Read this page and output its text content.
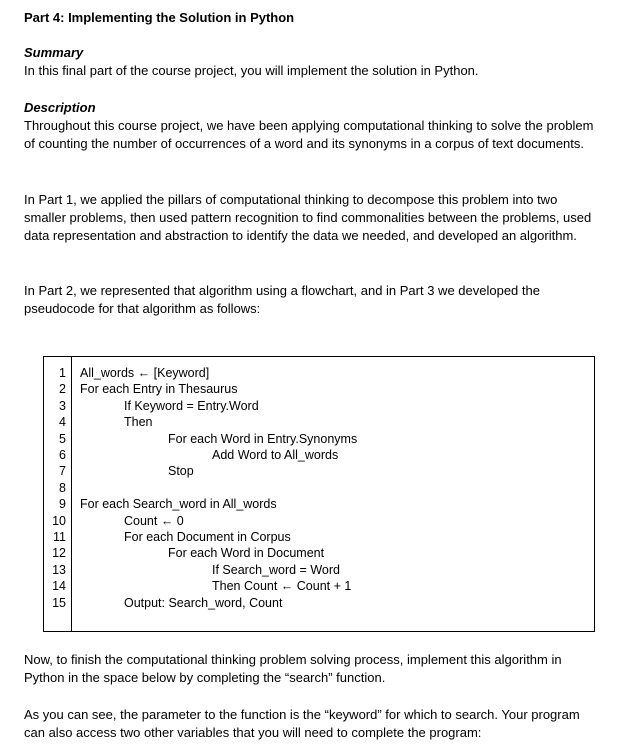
Part 4: Implementing the Solution in Python
Summary
In this final part of the course project, you will implement the solution in Python.
Description
Throughout this course project, we have been applying computational thinking to solve the problem of counting the number of occurrences of a word and its synonyms in a corpus of text documents.
In Part 1, we applied the pillars of computational thinking to decompose this problem into two smaller problems, then used pattern recognition to find commonalities between the problems, used data representation and abstraction to identify the data we needed, and developed an algorithm.
In Part 2, we represented that algorithm using a flowchart, and in Part 3 we developed the pseudocode for that algorithm as follows:
1
2
3
4
5
6
7
8
9
10
11
12
13
14
15
All_words ← [Keyword]
For each Entry in Thesaurus
If Keyword = Entry.Word
Then
For each Word in Entry.Synonyms
Add Word to All_words
Stop
For each Search_word in All_words
Count ← 0
For each Document in Corpus
For each Word in Document
If Search_word = Word
Then Count ← Count + 1
Output: Search_word, Count
Now, to finish the computational thinking problem solving process, implement this algorithm in Python in the space below by completing the “search” function.
As you can see, the parameter to the function is the “keyword” for which to search. Your program can also access two other variables that you will need to complete the program:
